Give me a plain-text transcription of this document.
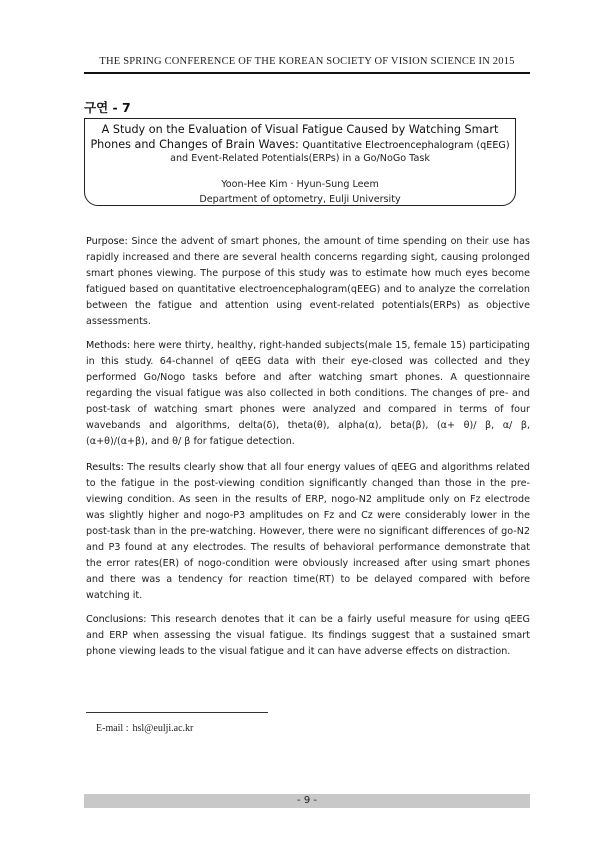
THE SPRING CONFERENCE OF THE KOREAN SOCIETY OF VISION SCIENCE IN 2015
구연 - 7
A Study on the Evaluation of Visual Fatigue Caused by Watching Smart
Phones and Changes of Brain Waves: Quantitative Electroencephalogram (qEEG)
and Event-Related Potentials(ERPs) in a Go/NoGo Task
Yoon-Hee Kim · Hyun-Sung Leem
Department of optometry, Eulji University
Purpose: Since the advent of smart phones, the amount of time spending on their use has rapidly increased and there are several health concerns regarding sight, causing prolonged smart phones viewing. The purpose of this study was to estimate how much eyes become fatigued based on quantitative electroencephalogram(qEEG) and to analyze the correlation between the fatigue and attention using event-related potentials(ERPs) as objective assessments.
Methods: here were thirty, healthy, right-handed subjects(male 15, female 15) participating in this study. 64-channel of qEEG data with their eye-closed was collected and they performed Go/Nogo tasks before and after watching smart phones. A questionnaire regarding the visual fatigue was also collected in both conditions. The changes of pre- and post-task of watching smart phones were analyzed and compared in terms of four wavebands and algorithms, delta(δ), theta(θ), alpha(α), beta(β), (α+ θ)/ β, α/ β, (α+θ)/(α+β), and θ/ β for fatigue detection.
Results: The results clearly show that all four energy values of qEEG and algorithms related to the fatigue in the post-viewing condition significantly changed than those in the pre-viewing condition. As seen in the results of ERP, nogo-N2 amplitude only on Fz electrode was slightly higher and nogo-P3 amplitudes on Fz and Cz were considerably lower in the post-task than in the pre-watching. However, there were no significant differences of go-N2 and P3 found at any electrodes. The results of behavioral performance demonstrate that the error rates(ER) of nogo-condition were obviously increased after using smart phones and there was a tendency for reaction time(RT) to be delayed compared with before watching it.
Conclusions: This research denotes that it can be a fairly useful measure for using qEEG and ERP when assessing the visual fatigue. Its findings suggest that a sustained smart phone viewing leads to the visual fatigue and it can have adverse effects on distraction.
E-mail : hsl@eulji.ac.kr
- 9 -
